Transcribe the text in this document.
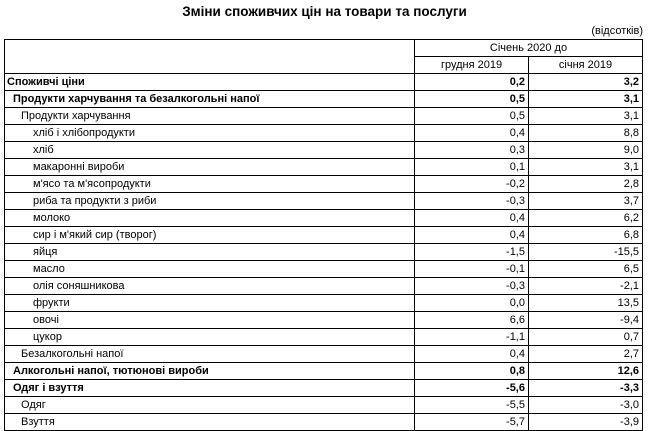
Зміни споживчих цін на товари та послуги
(відсотків)
	Січень 2020 до	
	грудня 2019	січня 2019
Споживчі ціни	0,2	3,2
Продукти харчування та безалкогольні напої	0,5	3,1
Продукти харчування	0,5	3,1
хліб і хлібопродукти	0,4	8,8
хліб	0,3	9,0
макаронні вироби	0,1	3,1
м'ясо та м'ясопродукти	-0,2	2,8
риба та продукти з риби	-0,3	3,7
молоко	0,4	6,2
сир і м'який сир (творог)	0,4	6,8
яйця	-1,5	-15,5
масло	-0,1	6,5
олія соняшникова	-0,3	-2,1
фрукти	0,0	13,5
овочі	6,6	-9,4
цукор	-1,1	0,7
Безалкогольні напої	0,4	2,7
Алкогольні напої, тютюнові вироби	0,8	12,6
Одяг і взуття	-5,6	-3,3
Одяг	-5,5	-3,0
Взуття	-5,7	-3,9
